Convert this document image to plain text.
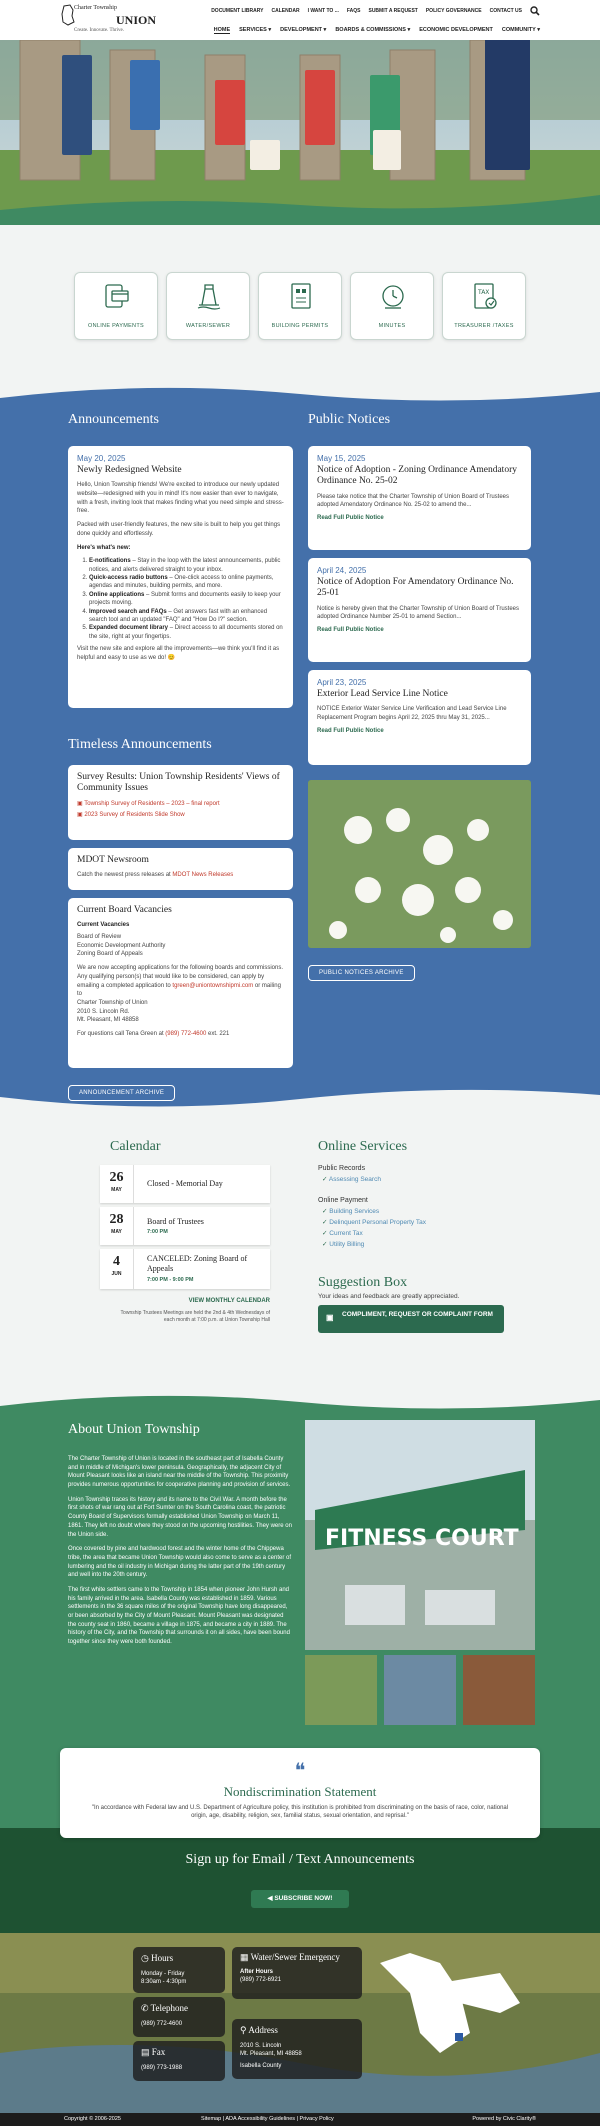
Charter Township
UNION
Create. Innovate. Thrive.
DOCUMENT LIBRARY CALENDAR I WANT TO ... FAQS SUBMIT A REQUEST POLICY GOVERNANCE CONTACT US
HOME SERVICES ▾ DEVELOPMENT ▾ BOARDS & COMMISSIONS ▾ ECONOMIC DEVELOPMENT COMMUNITY ▾
ONLINE PAYMENTS	WATER/SEWER	BUILDING PERMITS	MINUTES
TAX
TREASURER /TAXES
Announcements
May 20, 2025
Newly Redesigned Website

Hello, Union Township friends! We're excited to introduce our newly updated website—redesigned with you in mind! It's now easier than ever to navigate, with a fresh, inviting look that makes finding what you need simple and stress-free.

Packed with user-friendly features, the new site is built to help you get things done quickly and effortlessly.

Here's what's new:

1. E-notifications – Stay in the loop with the latest announcements, public notices, and alerts delivered straight to your inbox.
2. Quick-access radio buttons – One-click access to online payments, agendas and minutes, building permits, and more.
3. Online applications – Submit forms and documents easily to keep your projects moving.
4. Improved search and FAQs – Get answers fast with an enhanced search tool and an updated "FAQ" and "How Do I?" section.
5. Expanded document library – Direct access to all documents stored on the site, right at your fingertips.

Visit the new site and explore all the improvements—we think you'll find it as helpful and easy to use as we do! 😊

Timeless Announcements
Survey Results: Union Township Residents' Views of Community Issues

▣ Township Survey of Residents – 2023 – final report

▣ 2023 Survey of Residents Slide Show

MDOT Newsroom

Catch the newest press releases at MDOT News Releases

Current Board Vacancies

Current Vacancies

Board of Review

Economic Development Authority

Zoning Board of Appeals

We are now accepting applications for the following boards and commissions. Any qualifying person(s) that would like to be considered, can apply by emailing a completed application to tgreen@uniontownshipmi.com or mailing to

Charter Township of Union

2010 S. Lincoln Rd.

Mt. Pleasant, MI 48858

For questions call Tena Green at (989) 772-4600 ext. 221

ANNOUNCEMENT ARCHIVE
Public Notices
May 15, 2025
Notice of Adoption - Zoning Ordinance Amendatory Ordinance No. 25-02

Please take notice that the Charter Township of Union Board of Trustees adopted Amendatory Ordinance No. 25-02 to amend the...

Read Full Public Notice
April 24, 2025
Notice of Adoption For Amendatory Ordinance No. 25-01

Notice is hereby given that the Charter Township of Union Board of Trustees adopted Ordinance Number 25-01 to amend Section...

Read Full Public Notice
April 23, 2025
Exterior Lead Service Line Notice

NOTICE Exterior Water Service Line Verification and Lead Service Line Replacement Program begins April 22, 2025 thru May 31, 2025...

Read Full Public Notice
PUBLIC NOTICES ARCHIVE
Calendar
26
MAY
Closed - Memorial Day
28
MAY
Board of Trustees
7:00 PM
4
JUN
CANCELED: Zoning Board of Appeals
7:00 PM - 9:00 PM
VIEW MONTHLY CALENDAR
Township Trustees Meetings are held the 2nd & 4th Wednesdays of each month at 7:00 p.m. at Union Township Hall
Online Services

Public Records

✓ Assessing Search

Online Payment

✓ Building Services
✓ Delinquent Personal Property Tax
✓ Current Tax
✓ Utility Billing
Suggestion Box
Your ideas and feedback are greatly appreciated.
▣ COMPLIMENT, REQUEST OR COMPLAINT FORM
About Union Township

The Charter Township of Union is located in the southeast part of Isabella County and in middle of Michigan's lower peninsula. Geographically, the adjacent City of Mount Pleasant looks like an island near the middle of the Township. This proximity provides numerous opportunities for cooperative planning and provision of services.

Union Township traces its history and its name to the Civil War. A month before the first shots of war rang out at Fort Sumter on the South Carolina coast, the patriotic County Board of Supervisors formally established Union Township on March 11, 1861. They left no doubt where they stood on the upcoming hostilities. They were on the Union side.

Once covered by pine and hardwood forest and the winter home of the Chippewa tribe, the area that became Union Township would also come to serve as a center of lumbering and the oil industry in Michigan during the latter part of the 19th century and well into the 20th century.

The first white settlers came to the Township in 1854 when pioneer John Hursh and his family arrived in the area. Isabella County was established in 1859. Various settlements in the 36 square miles of the original Township have long disappeared, or been absorbed by the City of Mount Pleasant. Mount Pleasant was designated the county seat in 1860, became a village in 1875, and became a city in 1889. The history of the City, and the Township that surrounds it on all sides, have been bound together since they were both founded.

FITNESS COURT
Sign up for Email / Text Announcements
◀ SUBSCRIBE NOW!
❝
Nondiscrimination Statement
"In accordance with Federal law and U.S. Department of Agriculture policy, this institution is prohibited from discriminating on the basis of race, color, national origin, age, disability, religion, sex, familial status, sexual orientation, and reprisal."
◷ Hours
Monday - Friday
8:30am - 4:30pm
✆ Telephone
(989) 772-4600
▤ Fax
(989) 773-1988
▦ Water/Sewer Emergency
After Hours
(989) 772-6921
⚲ Address
2010 S. Lincoln
Mt. Pleasant, MI 48858
Isabella County
Copyright © 2006-2025	Sitemap | ADA Accessibility Guidelines | Privacy Policy	Powered by Civic Clarity®
